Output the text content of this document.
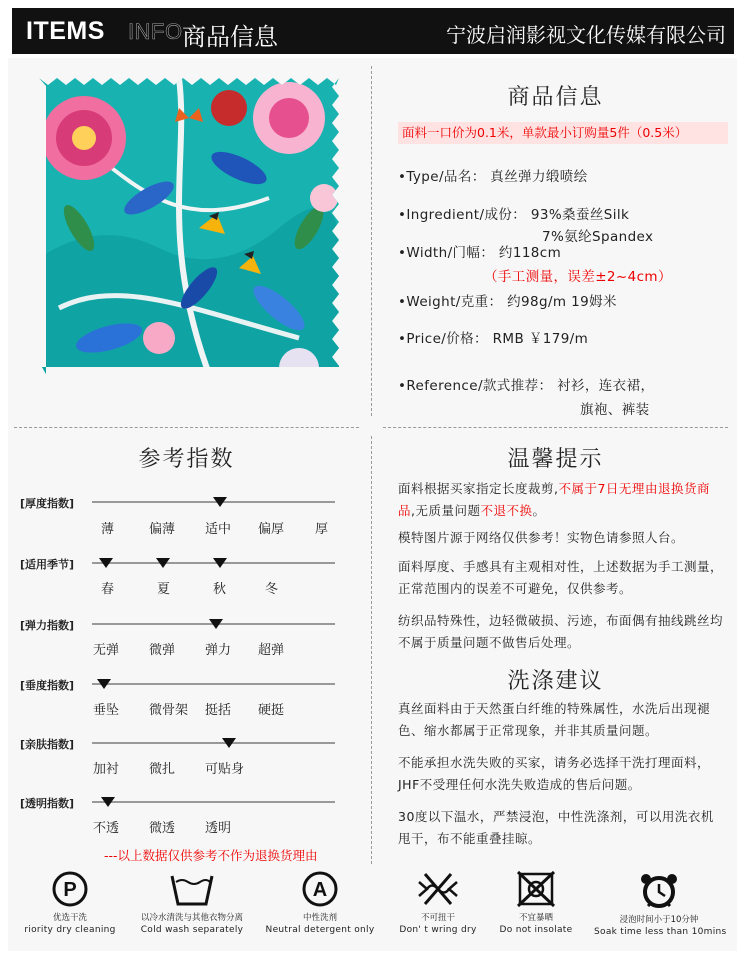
ITEMS INFO 商品信息	宁波启润影视文化传媒有限公司
商品信息
面料一口价为0.1米，单款最小订购量5件（0.5米）
•Type/品名： 真丝弹力缎喷绘
•Ingredient/成份： 93%桑蚕丝Silk
7%氨纶Spandex
•Width/门幅： 约118cm
（手工测量，误差±2~4cm）
•Weight/克重： 约98g/m 19姆米
•Price/价格： RMB ￥179/m
•Reference/款式推荐： 衬衫，连衣裙，
旗袍、裤装
参考指数
[厚度指数]
薄	偏薄 适中 偏厚 厚
[适用季节]
春	夏	秋	冬
[弹力指数]
无弹 微弹 弹力 超弹
[垂度指数]
垂坠 微骨架 挺括 硬挺
[亲肤指数]
加衬 微扎 可贴身
[透明指数]
不透 微透 透明
---以上数据仅供参考不作为退换货理由
温馨提示
面料根据买家指定长度裁剪,不属于7日无理由退换货商品,无质量问题不退不换。
模特图片源于网络仅供参考！实物色请参照人台。
面料厚度、手感具有主观相对性，上述数据为手工测量，正常范围内的误差不可避免，仅供参考。
纺织品特殊性，边轻微破损、污迹，布面偶有抽线跳丝均不属于质量问题不做售后处理。
洗涤建议
真丝面料由于天然蛋白纤维的特殊属性，水洗后出现褪色、缩水都属于正常现象，并非其质量问题。
不能承担水洗失败的买家，请务必选择干洗打理面料，JHF不受理任何水洗失败造成的售后问题。
30度以下温水，严禁浸泡，中性洗涤剂，可以用洗衣机甩干，布不能重叠挂晾。
P
优选干洗
riority dry cleaning
以冷水清洗与其他衣物分离
Cold wash separately
A
中性洗剂
Neutral detergent only
不可扭干
Don' t wring dry
不宜暴晒
Do not insolate
浸泡时间小于10分钟
Soak time less than 10mins
